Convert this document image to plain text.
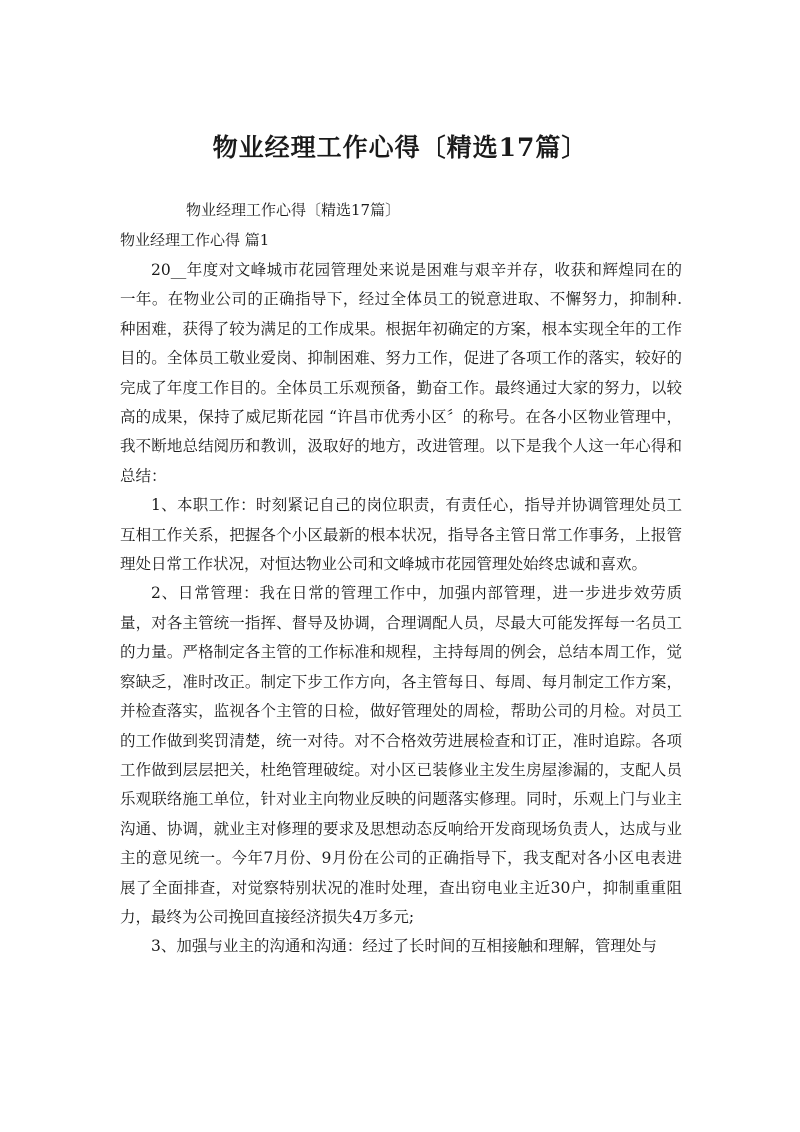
物业经理工作心得〔精选17篇〕
物业经理工作心得〔精选17篇〕
物业经理工作心得 篇1

20__年度对文峰城市花园管理处来说是困难与艰辛并存，收获和辉煌同在的一年。在物业公司的正确指导下，经过全体员工的锐意进取、不懈努力，抑制种.种困难，获得了较为满足的工作成果。根据年初确定的方案，根本实现全年的工作目的。全体员工敬业爱岗、抑制困难、努力工作，促进了各项工作的落实，较好的完成了年度工作目的。全体员工乐观预备，勤奋工作。最终通过大家的努力，以较高的成果，保持了威尼斯花园 “许昌市优秀小区〞的称号。在各小区物业管理中，我不断地总结阅历和教训，汲取好的地方，改进管理。以下是我个人这一年心得和总结：

1、本职工作：时刻紧记自己的岗位职责，有责任心，指导并协调管理处员工互相工作关系，把握各个小区最新的根本状况，指导各主管日常工作事务，上报管理处日常工作状况，对恒达物业公司和文峰城市花园管理处始终忠诚和喜欢。

2、日常管理：我在日常的管理工作中，加强内部管理，进一步进步效劳质量，对各主管统一指挥、督导及协调，合理调配人员，尽最大可能发挥每一名员工的力量。严格制定各主管的工作标准和规程，主持每周的例会，总结本周工作，觉察缺乏，准时改正。制定下步工作方向，各主管每日、每周、每月制定工作方案，并检查落实，监视各个主管的日检，做好管理处的周检，帮助公司的月检。对员工的工作做到奖罚清楚，统一对待。对不合格效劳进展检查和订正，准时追踪。各项工作做到层层把关，杜绝管理破绽。对小区已装修业主发生房屋渗漏的，支配人员乐观联络施工单位，针对业主向物业反映的问题落实修理。同时，乐观上门与业主沟通、协调，就业主对修理的要求及思想动态反响给开发商现场负责人，达成与业主的意见统一。今年7月份、9月份在公司的正确指导下，我支配对各小区电表进展了全面排查，对觉察特别状况的准时处理，查出窃电业主近30户，抑制重重阻力，最终为公司挽回直接经济损失4万多元;

3、加强与业主的沟通和沟通：经过了长时间的互相接触和理解，管理处与
